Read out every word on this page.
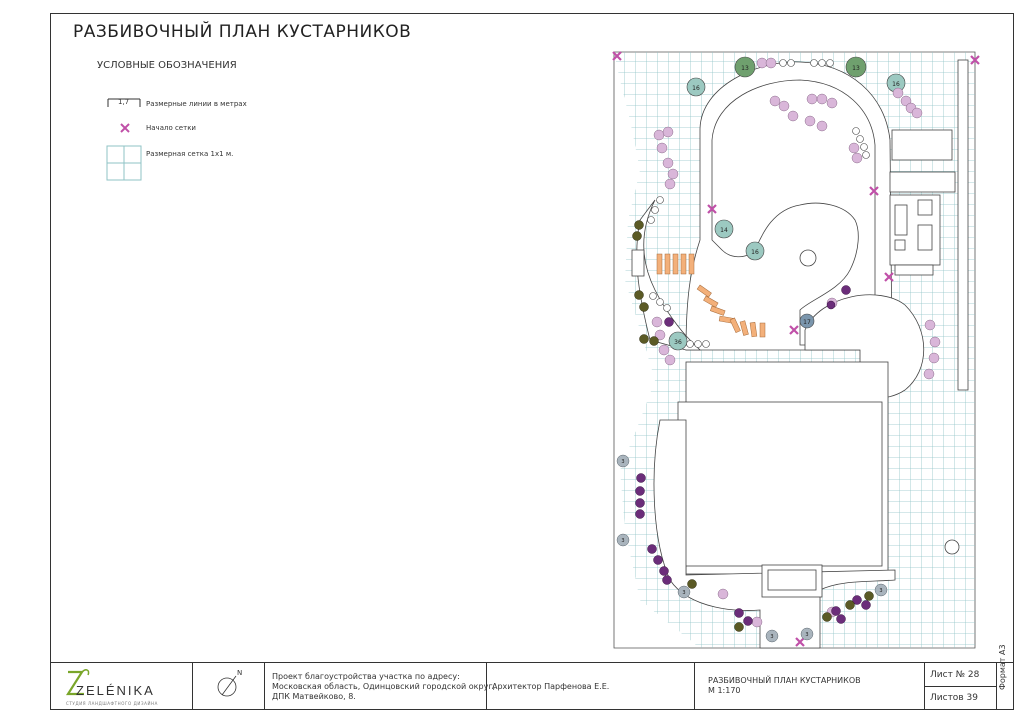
РАЗБИВОЧНЫЙ ПЛАН КУСТАРНИКОВ
УСЛОВНЫЕ ОБОЗНАЧЕНИЯ
1,7 Размерные линии в метрах
Начало сетки
Размерная сетка 1х1 м.
13	13
16
16
14
16
36
17
3
3
3
3	3
3
ZELÉNIKA
СТУДИЯ ЛАНДШАФТНОГО ДИЗАЙНА
N	Проект благоустройства участка по адресу:
Московская область, Одинцовский городской округ,
ДПК Матвейково, 8.
Архитектор Парфенова Е.Е.
РАЗБИВОЧНЫЙ ПЛАН КУСТАРНИКОВ
М 1:170
Лист № 28
Листов 39
Формат А3
